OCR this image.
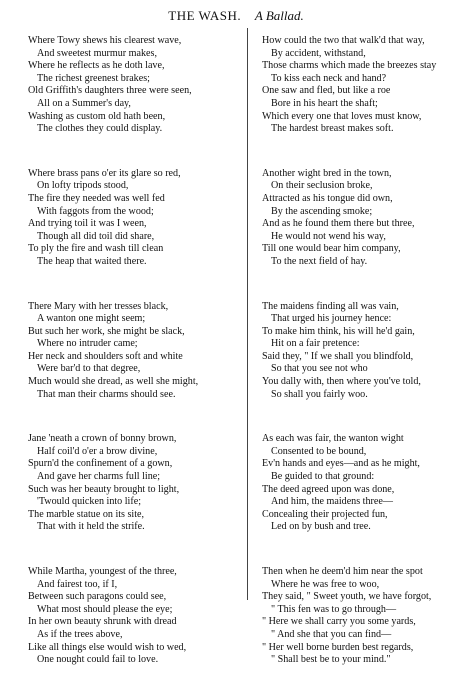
THE WASH. A Ballad.
Where Towy shews his clearest wave,
And sweetest murmur makes,
Where he reflects as he doth lave,
The richest greenest brakes;
Old Griffith's daughters three were seen,
All on a Summer's day,
Washing as custom old hath been,
The clothes they could display.
Where brass pans o'er its glare so red,
On lofty tripods stood,
The fire they needed was well fed
With faggots from the wood;
And trying toil it was I ween,
Though all did toil did share,
To ply the fire and wash till clean
The heap that waited there.
There Mary with her tresses black,
A wanton one might seem;
But such her work, she might be slack,
Where no intruder came;
Her neck and shoulders soft and white
Were bar'd to that degree,
Much would she dread, as well she might,
That man their charms should see.
Jane 'neath a crown of bonny brown,
Half coil'd o'er a brow divine,
Spurn'd the confinement of a gown,
And gave her charms full line;
Such was her beauty brought to light,
'Twould quicken into life;
The marble statue on its site,
That with it held the strife.
While Martha, youngest of the three,
And fairest too, if I,
Between such paragons could see,
What most should please the eye;
In her own beauty shrunk with dread
As if the trees above,
Like all things else would wish to wed,
One nought could fail to love.
How could the two that walk'd that way,
By accident, withstand,
Those charms which made the breezes stay
To kiss each neck and hand?
One saw and fled, but like a roe
Bore in his heart the shaft;
Which every one that loves must know,
The hardest breast makes soft.
Another wight bred in the town,
On their seclusion broke,
Attracted as his tongue did own,
By the ascending smoke;
And as he found them there but three,
He would not wend his way,
Till one would bear him company,
To the next field of hay.
The maidens finding all was vain,
That urged his journey hence:
To make him think, his will he'd gain,
Hit on a fair pretence:
Said they, " If we shall you blindfold,
So that you see not who
You dally with, then where you've told,
So shall you fairly woo.
As each was fair, the wanton wight
Consented to be bound,
Ev'n hands and eyes—and as he might,
Be guided to that ground:
The deed agreed upon was done,
And him, the maidens three—
Concealing their projected fun,
Led on by bush and tree.
Then when he deem'd him near the spot
Where he was free to woo,
They said, " Sweet youth, we have forgot,
" This fen was to go through—
" Here we shall carry you some yards,
" And she that you can find—
" Her well borne burden best regards,
" Shall best be to your mind."
